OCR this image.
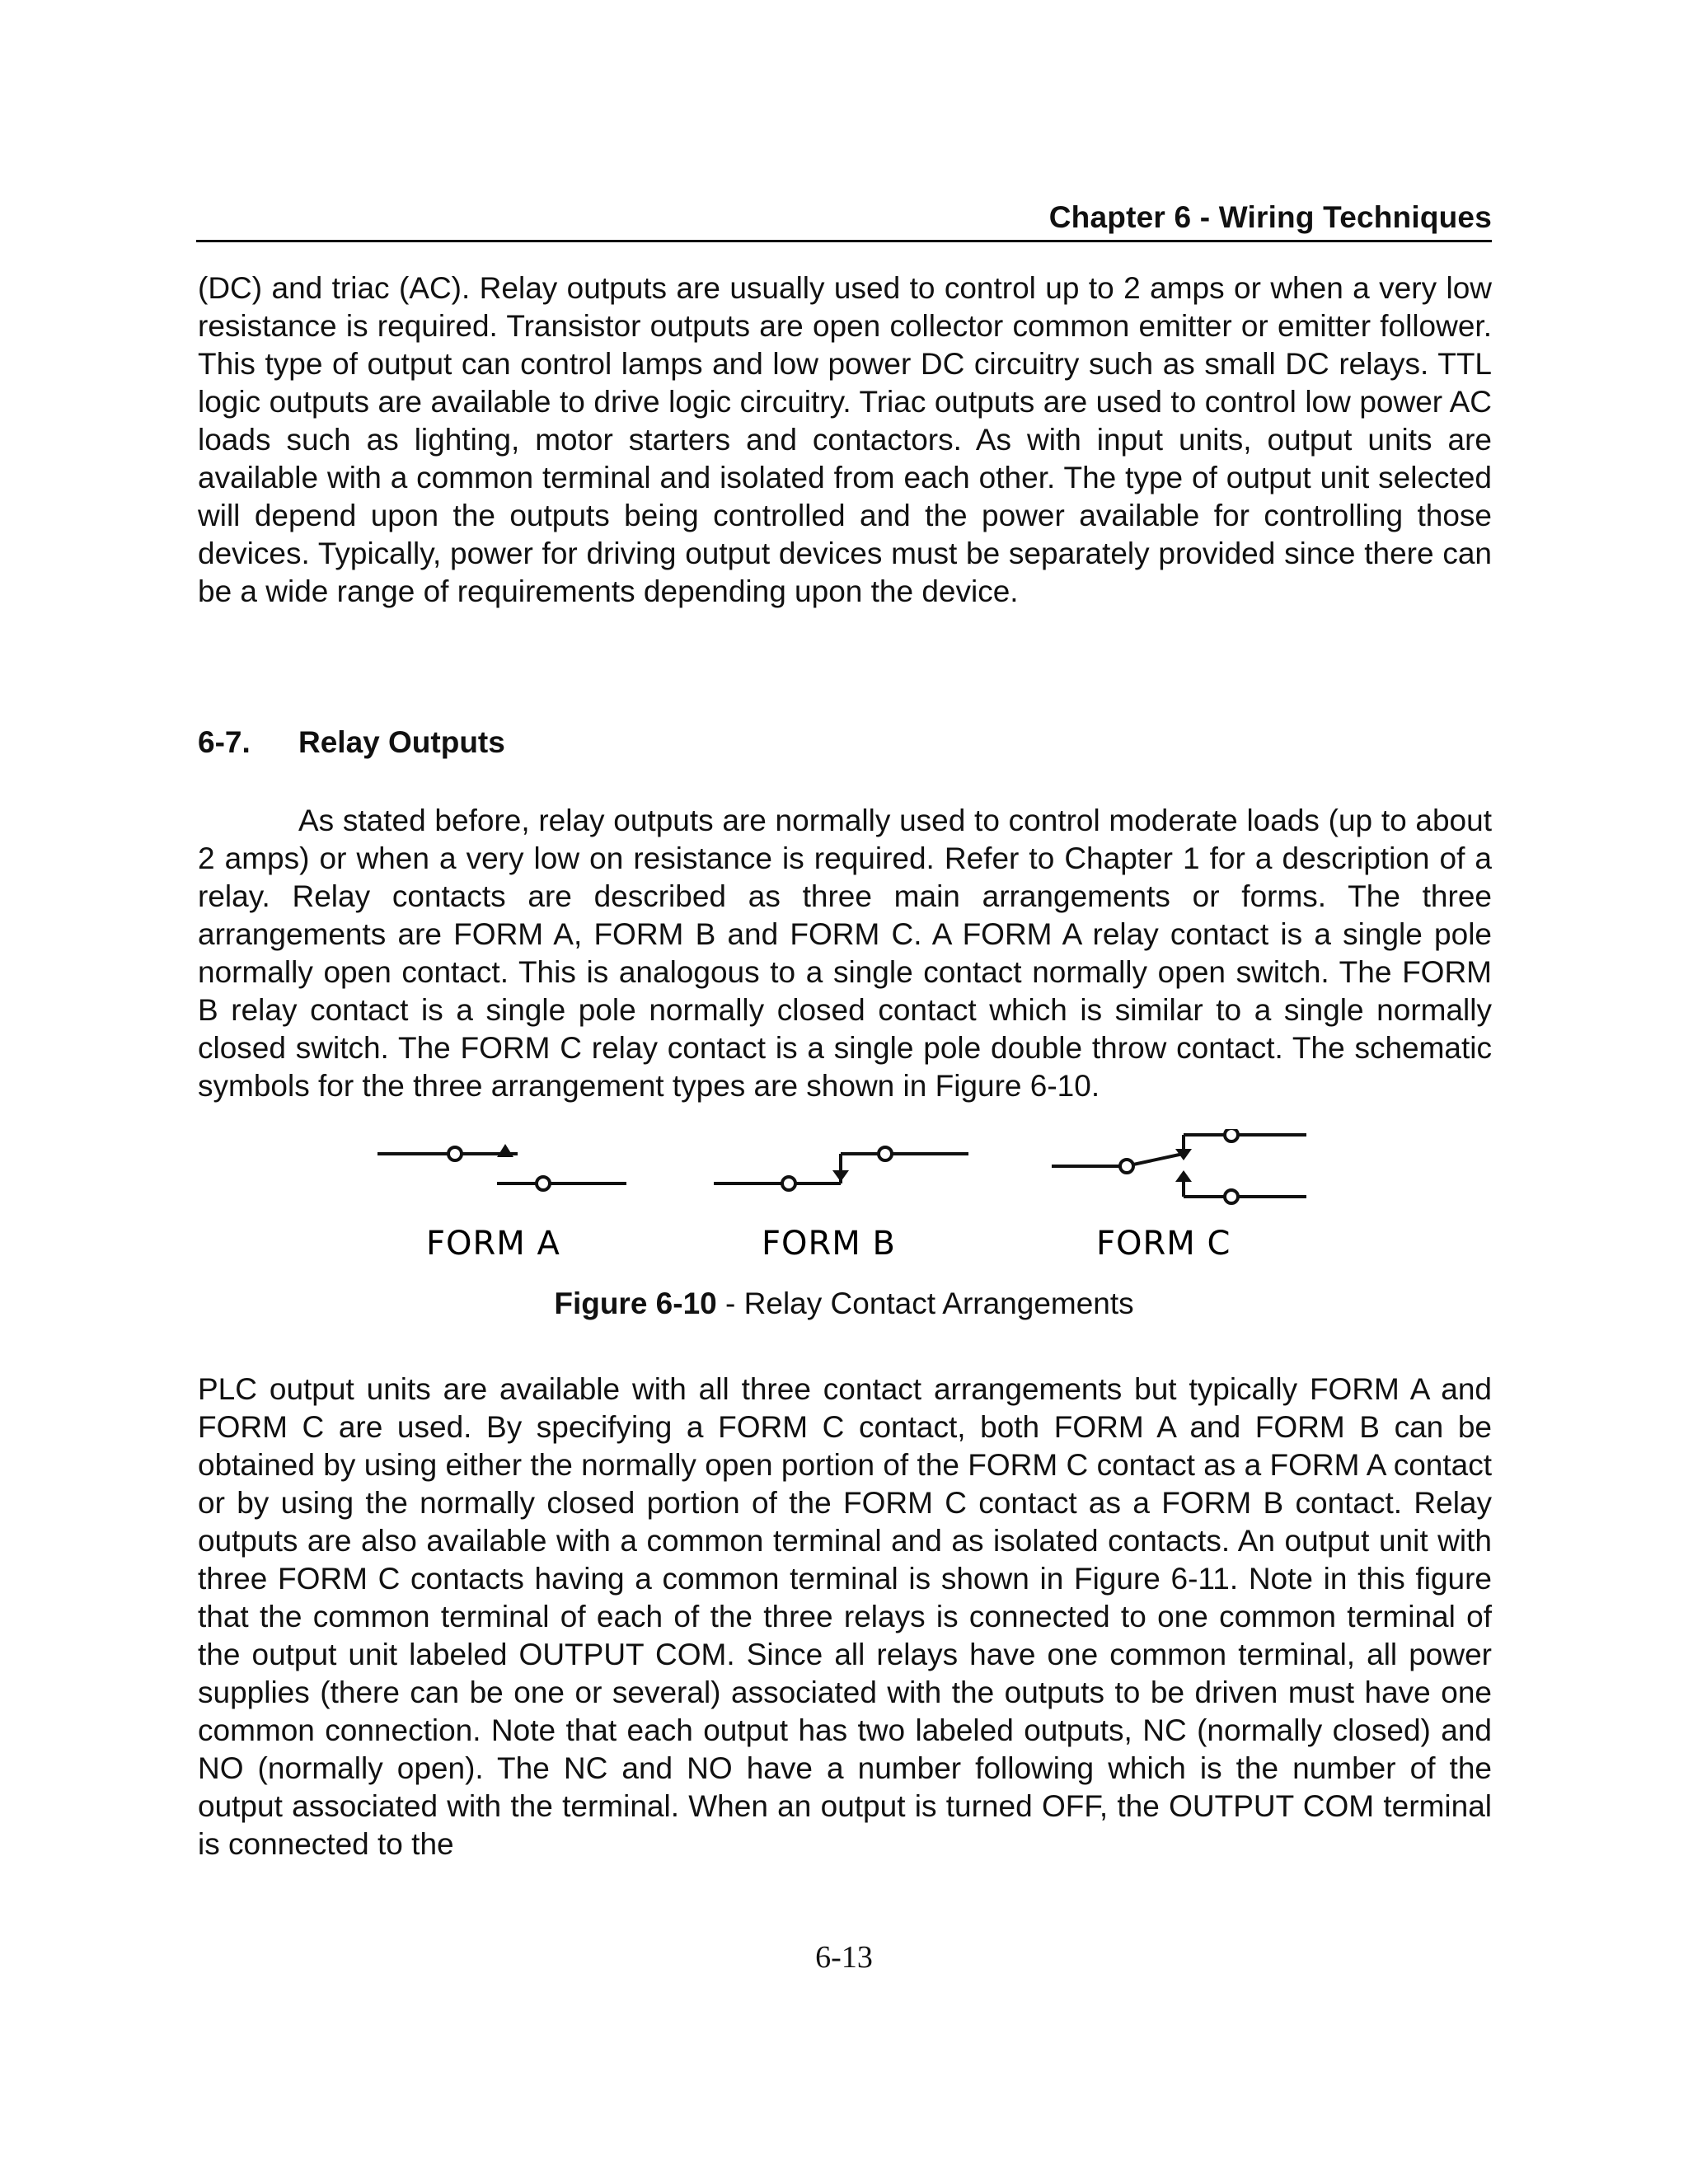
Chapter 6 - Wiring Techniques

(DC) and triac (AC). Relay outputs are usually used to control up to 2 amps or when a very low resistance is required. Transistor outputs are open collector common emitter or emitter follower. This type of output can control lamps and low power DC circuitry such as small DC relays. TTL logic outputs are available to drive logic circuitry. Triac outputs are used to control low power AC loads such as lighting, motor starters and contactors. As with input units, output units are available with a common terminal and isolated from each other. The type of output unit selected will depend upon the outputs being controlled and the power available for controlling those devices. Typically, power for driving output devices must be separately provided since there can be a wide range of requirements depending upon the device.

6-7. Relay Outputs

As stated before, relay outputs are normally used to control moderate loads (up to about 2 amps) or when a very low on resistance is required. Refer to Chapter 1 for a description of a relay. Relay contacts are described as three main arrangements or forms. The three arrangements are FORM A, FORM B and FORM C. A FORM A relay contact is a single pole normally open contact. This is analogous to a single contact normally open switch. The FORM B relay contact is a single pole normally closed contact which is similar to a single normally closed switch. The FORM C relay contact is a single pole double throw contact. The schematic symbols for the three arrangement types are shown in Figure 6-10.

FORM A	FORM B	FORM C

Figure 6-10 - Relay Contact Arrangements

PLC output units are available with all three contact arrangements but typically FORM A and FORM C are used. By specifying a FORM C contact, both FORM A and FORM B can be obtained by using either the normally open portion of the FORM C contact as a FORM A contact or by using the normally closed portion of the FORM C contact as a FORM B contact. Relay outputs are also available with a common terminal and as isolated contacts. An output unit with three FORM C contacts having a common terminal is shown in Figure 6-11. Note in this figure that the common terminal of each of the three relays is connected to one common terminal of the output unit labeled OUTPUT COM. Since all relays have one common terminal, all power supplies (there can be one or several) associated with the outputs to be driven must have one common connection. Note that each output has two labeled outputs, NC (normally closed) and NO (normally open). The NC and NO have a number following which is the number of the output associated with the terminal. When an output is turned OFF, the OUTPUT COM terminal is connected to the

6-13
